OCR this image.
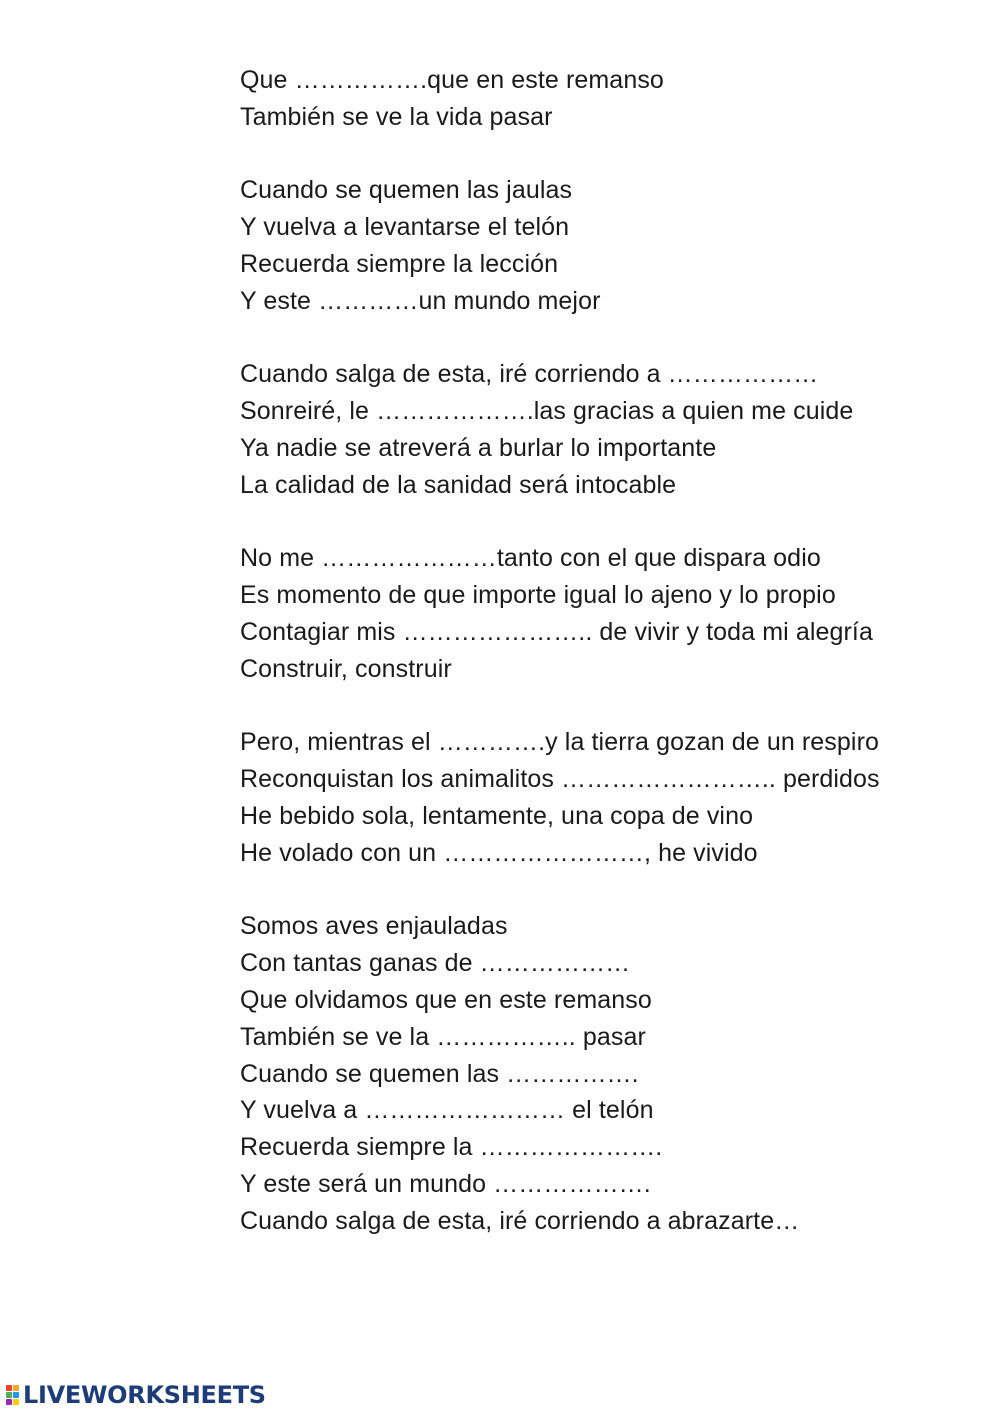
Que …………….que en este remanso
También se ve la vida pasar
Cuando se quemen las jaulas
Y vuelva a levantarse el telón
Recuerda siempre la lección
Y este …………un mundo mejor
Cuando salga de esta, iré corriendo a ………………
Sonreiré, le ……………….las gracias a quien me cuide
Ya nadie se atreverá a burlar lo importante
La calidad de la sanidad será intocable
No me …………………tanto con el que dispara odio
Es momento de que importe igual lo ajeno y lo propio
Contagiar mis ………………….. de vivir y toda mi alegría
Construir, construir
Pero, mientras el ………….y la tierra gozan de un respiro
Reconquistan los animalitos …………………….. perdidos
He bebido sola, lentamente, una copa de vino
He volado con un ……………………, he vivido
Somos aves enjauladas
Con tantas ganas de ………………
Que olvidamos que en este remanso
También se ve la …………….. pasar
Cuando se quemen las …………….
Y vuelva a …………………… el telón
Recuerda siempre la ………………….
Y este será un mundo ……………….
Cuando salga de esta, iré corriendo a abrazarte…
LIVEWORKSHEETS
